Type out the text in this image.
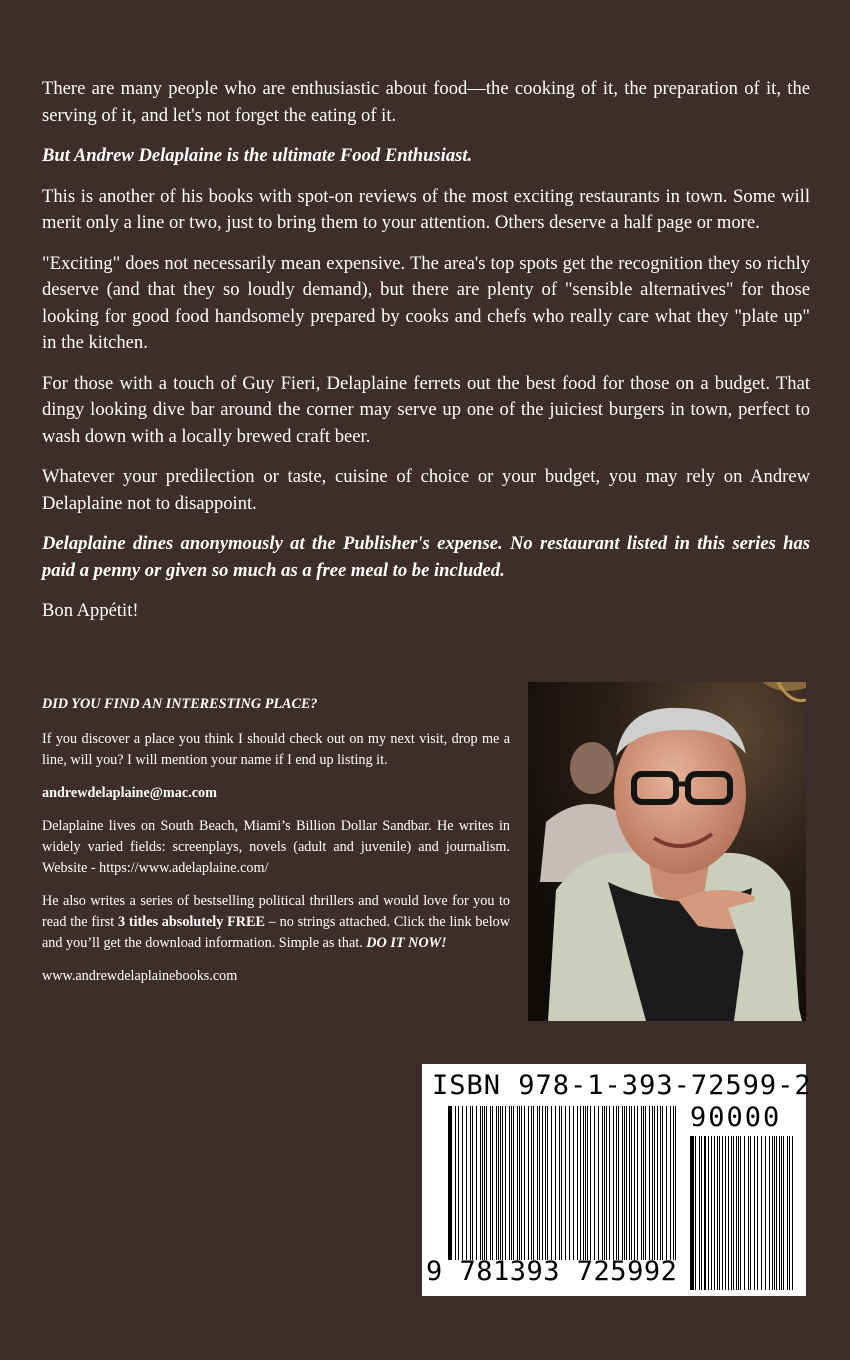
There are many people who are enthusiastic about food—the cooking of it, the preparation of it, the serving of it, and let's not forget the eating of it.

But Andrew Delaplaine is the ultimate Food Enthusiast.

This is another of his books with spot-on reviews of the most exciting restaurants in town. Some will merit only a line or two, just to bring them to your attention. Others deserve a half page or more.

"Exciting" does not necessarily mean expensive. The area's top spots get the recognition they so richly deserve (and that they so loudly demand), but there are plenty of "sensible alternatives" for those looking for good food handsomely prepared by cooks and chefs who really care what they "plate up" in the kitchen.

For those with a touch of Guy Fieri, Delaplaine ferrets out the best food for those on a budget. That dingy looking dive bar around the corner may serve up one of the juiciest burgers in town, perfect to wash down with a locally brewed craft beer.

Whatever your predilection or taste, cuisine of choice or your budget, you may rely on Andrew Delaplaine not to disappoint.

Delaplaine dines anonymously at the Publisher's expense. No restaurant listed in this series has paid a penny or given so much as a free meal to be included.

Bon Appétit!

DID YOU FIND AN INTERESTING PLACE?

If you discover a place you think I should check out on my next visit, drop me a line, will you? I will mention your name if I end up listing it.

andrewdelaplaine@mac.com

Delaplaine lives on South Beach, Miami’s Billion Dollar Sandbar. He writes in widely varied fields: screenplays, novels (adult and juvenile) and journalism. Website - https://www.adelaplaine.com/

He also writes a series of bestselling political thrillers and would love for you to read the first 3 titles absolutely FREE – no strings attached. Click the link below and you’ll get the download information. Simple as that. DO IT NOW!

www.andrewdelaplainebooks.com

ISBN 978-1-393-72599-2
90000
9 781393 725992
